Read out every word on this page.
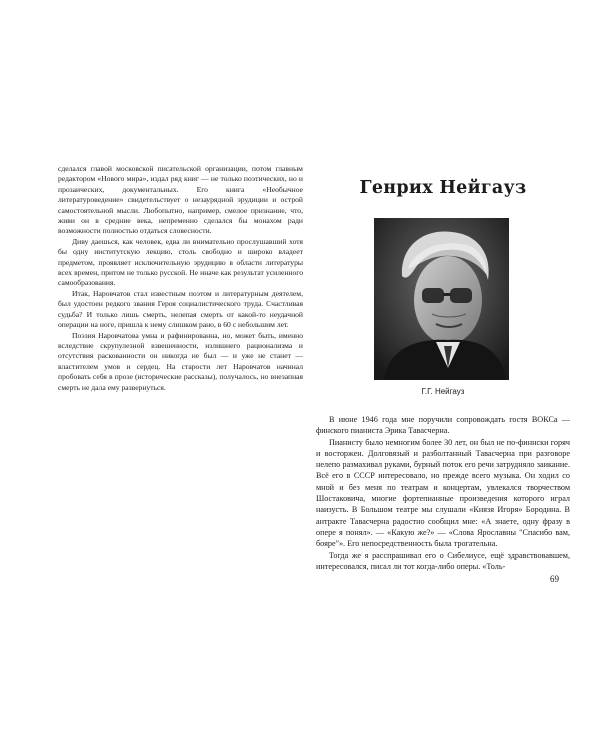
сделался главой московской писательской организации, потом главным редактором «Нового мира», издал ряд книг — не только поэтических, но и прозаических, документальных. Его книга «Необычное литературоведение» свидетельствует о незаурядной эрудиции и острой самостоятельной мысли. Любопытно, например, смелое признание, что, живи он в средние века, непременно сделался бы монахом ради возможности полностью отдаться словесности.

Диву даешься, как человек, едва ли внимательно прослушавший хотя бы одну институтскую лекцию, столь свободно и широко владеет предметом, проявляет исключительную эрудицию в области литературы всех времен, притом не только русской. Не иначе как результат усиленного самообразования.

Итак, Наровчатов стал известным поэтом и литературным деятелем, был удостоен редкого звания Героя социалистического труда. Счастливая судьба? И только лишь смерть, нелепая смерть от какой-то неудачной операции на ноге, пришла к нему слишком рано, в 60 с небольшим лет.

Поэзия Наровчатова умна и рафинированна, но, может быть, именно вследствие скрупулезной взвешенности, излишнего рационализма и отсутствия раскованности он никогда не был — и уже не станет — властителем умов и сердец. На старости лет Наровчатов начинал пробовать себя в прозе (исторические рассказы), получалось, но внезапная смерть не дала ему развернуться.

Генрих Нейгауз
Г.Г. Нейгауз

В июне 1946 года мне поручили сопровождать гостя ВОКСа — финского пианиста Эрика Тавасчерна.

Пианисту было немногим более 30 лет, он был не по-финнски горяч и восторжен. Долговязый и разболтанный Тавасчерна при разговоре нелепо размахивал руками, бурный поток его речи затрудняло заикание. Всё его в СССР интересовало, но прежде всего музыка. Он ходил со мной и без меня по театрам и концертам, увлекался творчеством Шостаковича, многие фортепианные произведения которого играл наизусть. В Большом театре мы слушали «Князя Игоря» Бородина. В антракте Тавасчерна радостно сообщил мне: «А знаете, одну фразу в опере я понял». — «Какую же?» — «Слова Ярославны "Спасибо вам, бояре"». Его непосредственность была трогательна.

Тогда же я расспрашивал его о Сибелиусе, ещё здравствовавшем, интересовался, писал ли тот когда-либо оперы. «Толь-

69
